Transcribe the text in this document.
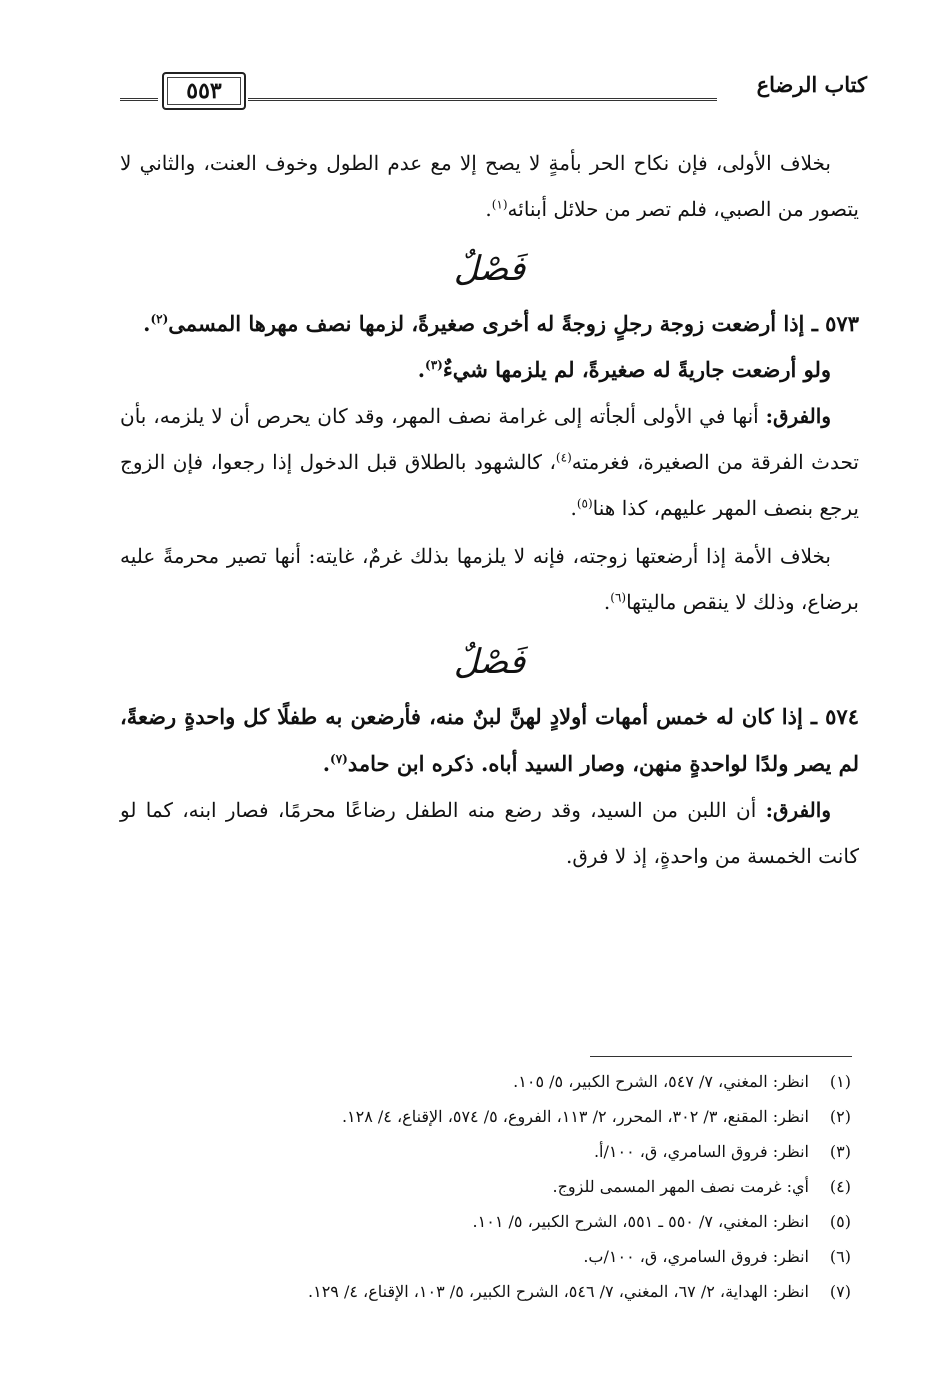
كتاب الرضاع
٥٥٣

بخلاف الأولى، فإن نكاح الحر بأمةٍ لا يصح إلا مع عدم الطول وخوف العنت، والثاني لا يتصور من الصبي، فلم تصر من حلائل أبنائه$^{(١)}$.

فَصْلٌ

٥٧٣ ـ إذا أرضعت زوجة رجلٍ زوجةً له أخرى صغيرةً، لزمها نصف مهرها المسمى$^{(٢)}$.

ولو أرضعت جاريةً له صغيرةً، لم يلزمها شيءٌ$^{(٣)}$.

والفرق: أنها في الأولى ألجأته إلى غرامة نصف المهر، وقد كان يحرص أن لا يلزمه، بأن تحدث الفرقة من الصغيرة، فغرمته$^{(٤)}$، كالشهود بالطلاق قبل الدخول إذا رجعوا، فإن الزوج يرجع بنصف المهر عليهم، كذا هنا$^{(٥)}$.

بخلاف الأمة إذا أرضعتها زوجته، فإنه لا يلزمها بذلك غرمٌ، غايته: أنها تصير محرمةً عليه برضاع، وذلك لا ينقص ماليتها$^{(٦)}$.

فَصْلٌ

٥٧٤ ـ إذا كان له خمس أمهات أولادٍ لهنَّ لبنٌ منه، فأرضعن به طفلًا كل واحدةٍ رضعةً، لم يصر ولدًا لواحدةٍ منهن، وصار السيد أباه. ذكره ابن حامد$^{(٧)}$.

والفرق: أن اللبن من السيد، وقد رضع منه الطفل رضاعًا محرمًا، فصار ابنه، كما لو كانت الخمسة من واحدةٍ، إذ لا فرق.

(١)انظر: المغني، ٧/ ٥٤٧، الشرح الكبير، ٥/ ١٠٥.
(٢)انظر: المقنع، ٣/ ٣٠٢، المحرر، ٢/ ١١٣، الفروع، ٥/ ٥٧٤، الإقناع، ٤/ ١٢٨.
(٣)انظر: فروق السامري، ق، ١٠٠/أ.
(٤)أي: غرمت نصف المهر المسمى للزوج.
(٥)انظر: المغني، ٧/ ٥٥٠ ـ ٥٥١، الشرح الكبير، ٥/ ١٠١.
(٦)انظر: فروق السامري، ق، ١٠٠/ب.
(٧)انظر: الهداية، ٢/ ٦٧، المغني، ٧/ ٥٤٦، الشرح الكبير، ٥/ ١٠٣، الإقناع، ٤/ ١٢٩.
